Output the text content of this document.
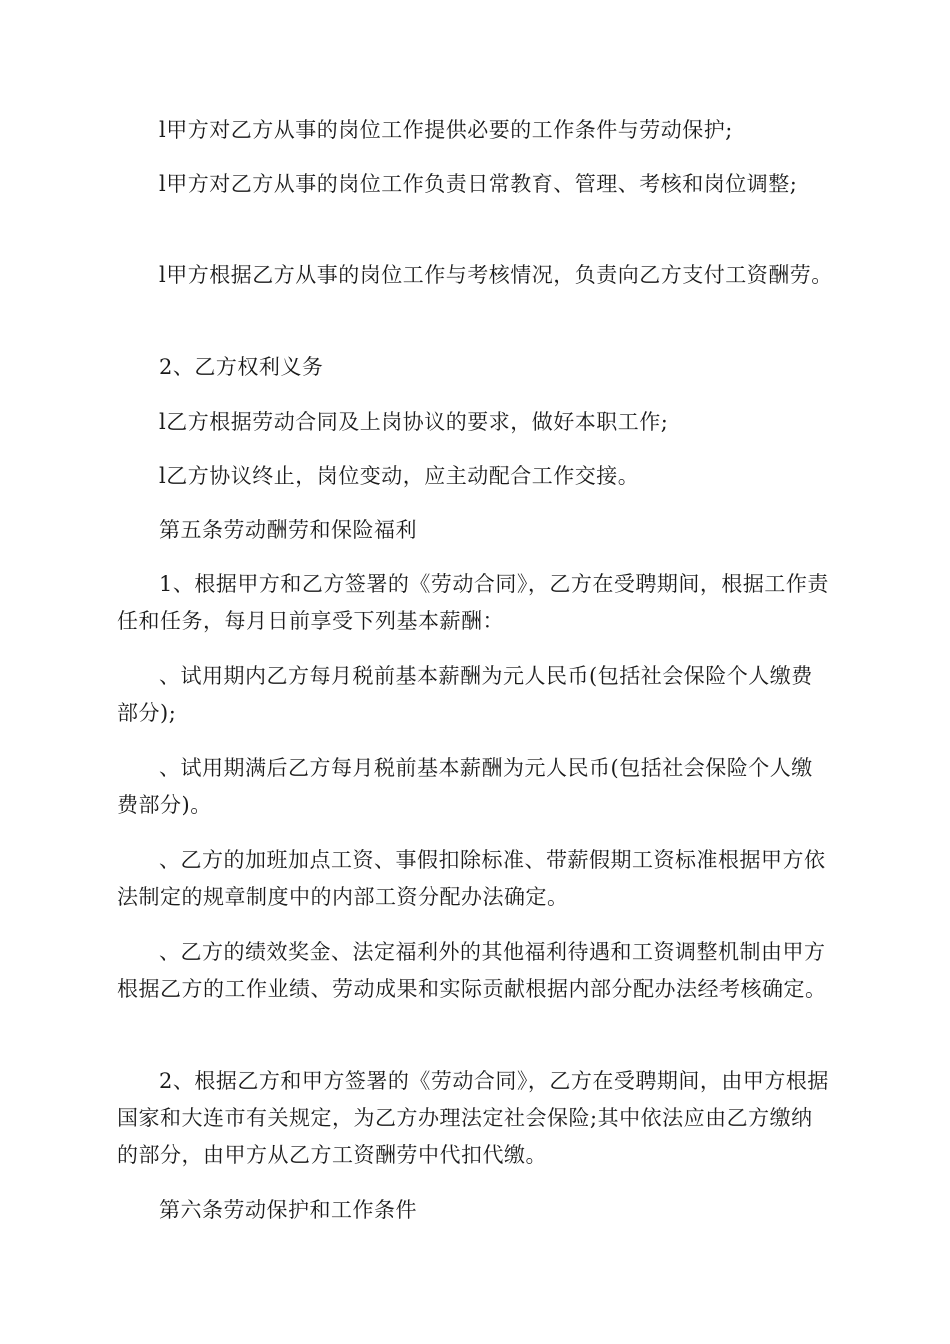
l甲方对乙方从事的岗位工作提供必要的工作条件与劳动保护;

l甲方对乙方从事的岗位工作负责日常教育、管理、考核和岗位调整;

l甲方根据乙方从事的岗位工作与考核情况，负责向乙方支付工资酬劳。

2、乙方权利义务

l乙方根据劳动合同及上岗协议的要求，做好本职工作;

l乙方协议终止，岗位变动，应主动配合工作交接。

第五条劳动酬劳和保险福利

1、根据甲方和乙方签署的《劳动合同》，乙方在受聘期间，根据工作责任和任务，每月日前享受下列基本薪酬：

、试用期内乙方每月税前基本薪酬为元人民币(包括社会保险个人缴费部分);

、试用期满后乙方每月税前基本薪酬为元人民币(包括社会保险个人缴费部分)。

、乙方的加班加点工资、事假扣除标准、带薪假期工资标准根据甲方依法制定的规章制度中的内部工资分配办法确定。

、乙方的绩效奖金、法定福利外的其他福利待遇和工资调整机制由甲方根据乙方的工作业绩、劳动成果和实际贡献根据内部分配办法经考核确定。

2、根据乙方和甲方签署的《劳动合同》，乙方在受聘期间，由甲方根据国家和大连市有关规定，为乙方办理法定社会保险;其中依法应由乙方缴纳的部分，由甲方从乙方工资酬劳中代扣代缴。

第六条劳动保护和工作条件
